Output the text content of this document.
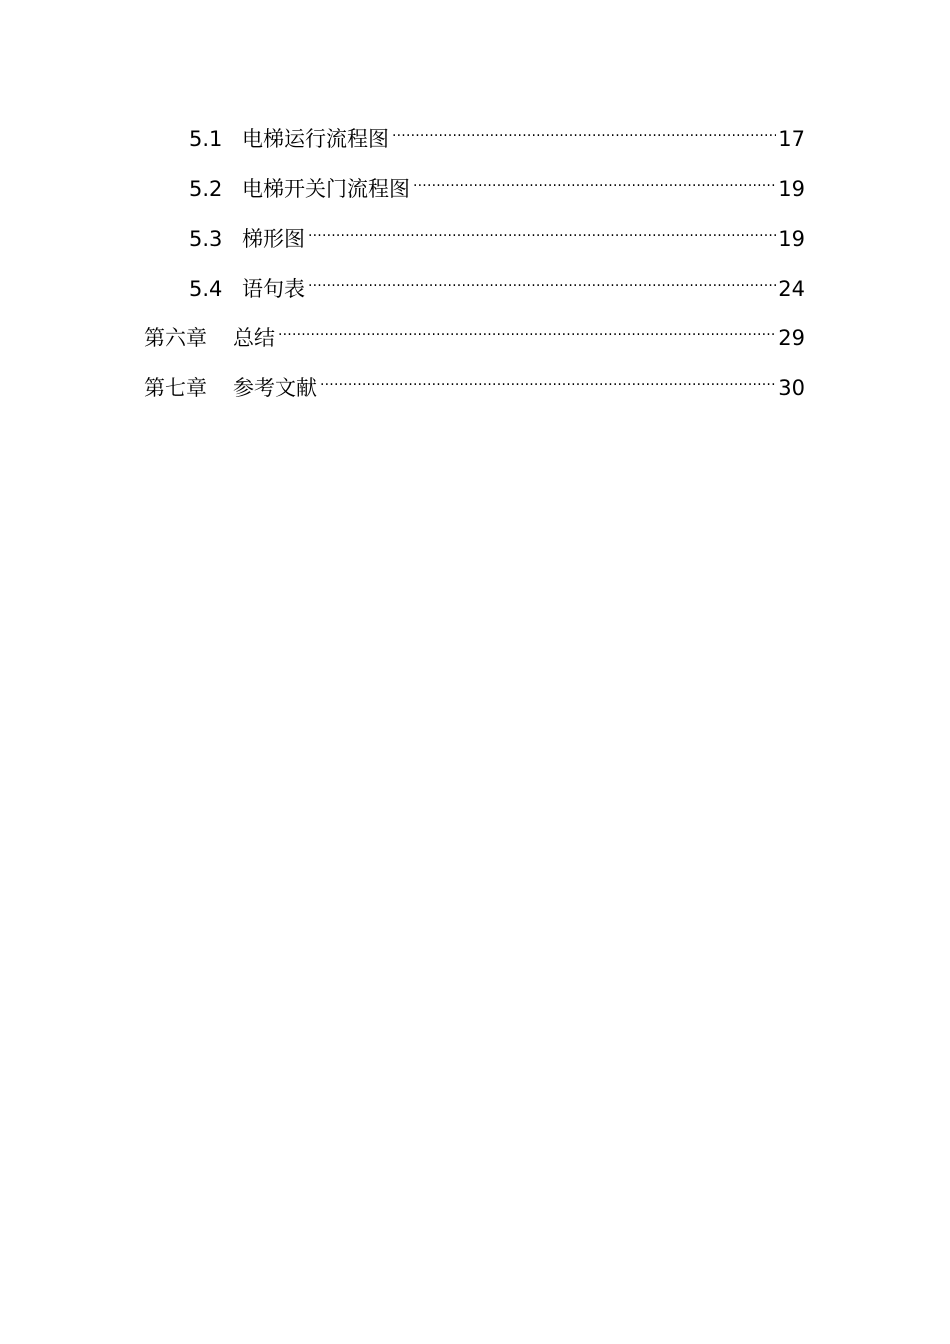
5.1 电梯运行流程图 .....	17
5.2 电梯开关门流程图 .....	19
5.3 梯形图 .....	19
5.4 语句表 .....	24
第六章	总结 .....	29
第七章	参考文献 .....	30
